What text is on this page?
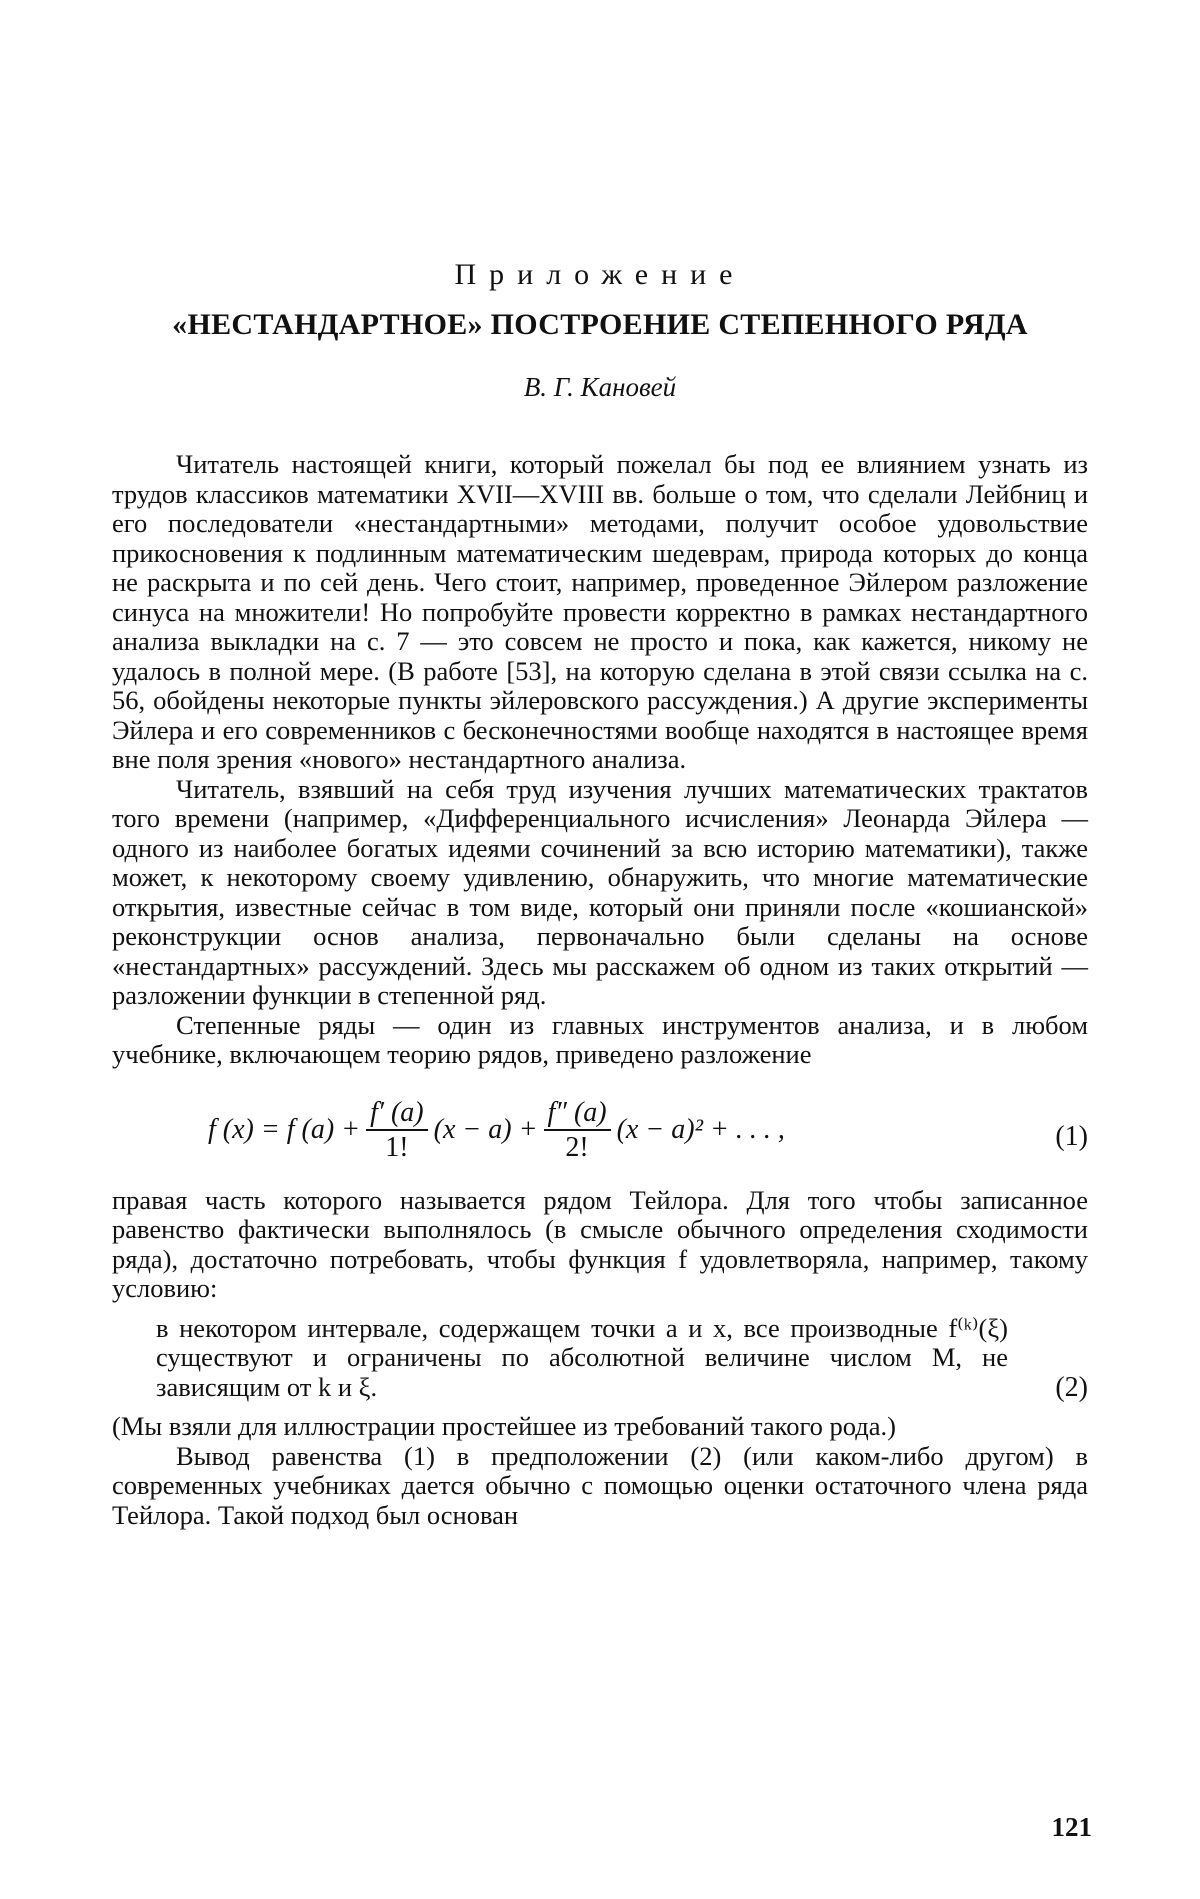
Приложение
«НЕСТАНДАРТНОЕ» ПОСТРОЕНИЕ СТЕПЕННОГО РЯДА
В. Г. Кановей

Читатель настоящей книги, который пожелал бы под ее влиянием узнать из трудов классиков математики XVII—XVIII вв. больше о том, что сделали Лейбниц и его последователи «нестандартными» методами, получит особое удовольствие прикосновения к подлинным математическим шедеврам, природа которых до конца не раскрыта и по сей день. Чего стоит, например, проведенное Эйлером разложение синуса на множители! Но попробуйте провести корректно в рамках нестандартного анализа выкладки на с. 7 — это совсем не просто и пока, как кажется, никому не удалось в полной мере. (В работе [53], на которую сделана в этой связи ссылка на с. 56, обойдены некоторые пункты эйлеровского рассуждения.) А другие эксперименты Эйлера и его современников с бесконечностями вообще находятся в настоящее время вне поля зрения «нового» нестандартного анализа.

Читатель, взявший на себя труд изучения лучших математических трактатов того времени (например, «Дифференциального исчисления» Леонарда Эйлера — одного из наиболее богатых идеями сочинений за всю историю математики), также может, к некоторому своему удивлению, обнаружить, что многие математические открытия, известные сейчас в том виде, который они приняли после «кошианской» реконструкции основ анализа, первоначально были сделаны на основе «нестандартных» рассуждений. Здесь мы расскажем об одном из таких открытий — разложении функции в степенной ряд.

Степенные ряды — один из главных инструментов анализа, и в любом учебнике, включающем теорию рядов, приведено разложение

f (x) = f $(a) + \frac{f' (a)}{1!} (x - a) + \frac{f'' (a)}{2!} (x - a)^2$ + . . . ,	(1)

правая часть которого называется рядом Тейлора. Для того чтобы записанное равенство фактически выполнялось (в смысле обычного определения сходимости ряда), достаточно потребовать, чтобы функция f удовлетворяла, например, такому условию:

в некотором интервале, содержащем точки a и x, все производные f⁽ᵏ⁾(ξ) существуют и ограничены по абсолютной величине числом M, не зависящим от k и ξ.	(2)

(Мы взяли для иллюстрации простейшее из требований такого рода.)

Вывод равенства (1) в предположении (2) (или каком-либо другом) в современных учебниках дается обычно с помощью оценки остаточного члена ряда Тейлора. Такой подход был основан

121
